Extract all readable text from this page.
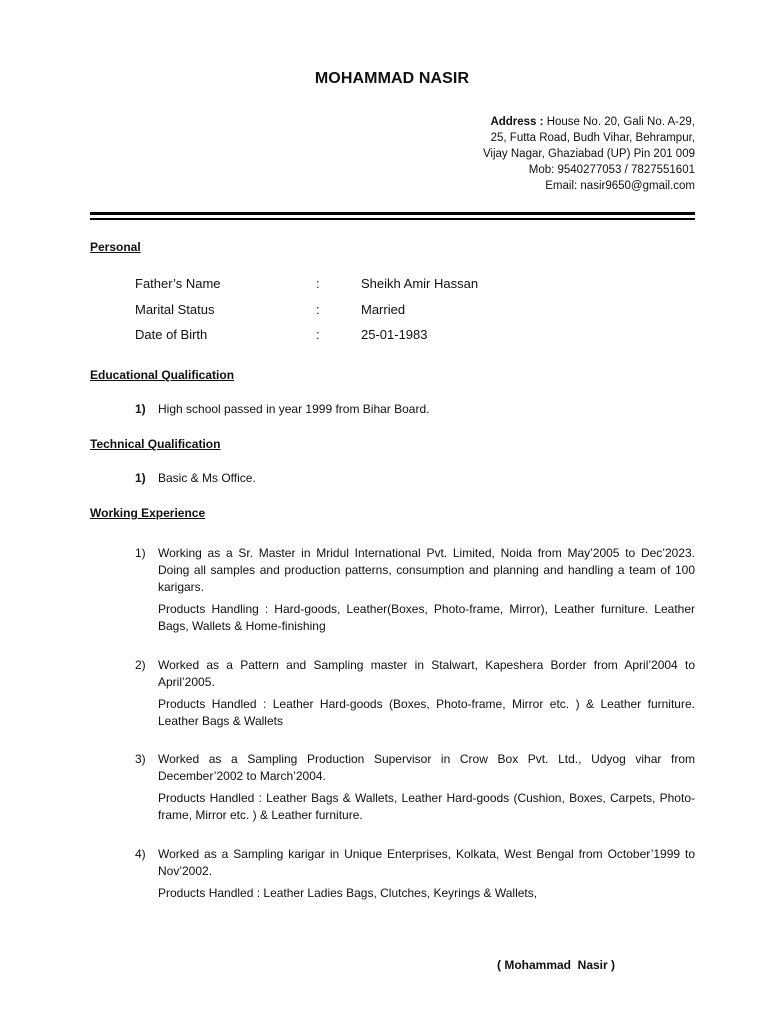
MOHAMMAD NASIR
Address : House No. 20, Gali No. A-29,
25, Futta Road, Budh Vihar, Behrampur,
Vijay Nagar, Ghaziabad (UP) Pin 201 009
Mob: 9540277053 / 7827551601
Email: nasir9650@gmail.com
Personal
Father’s Name	:	Sheikh Amir Hassan
Marital Status	:	Married
Date of Birth	:	25-01-1983
Educational Qualification
1) High school passed in year 1999 from Bihar Board.
Technical Qualification
1) Basic & Ms Office.
Working Experience
1) Working as a Sr. Master in Mridul International Pvt. Limited, Noida from May’2005 to Dec’2023. Doing all samples and production patterns, consumption and planning and handling a team of 100 karigars.

Products Handling : Hard-goods, Leather(Boxes, Photo-frame, Mirror), Leather furniture. Leather Bags, Wallets & Home-finishing

2) Worked as a Pattern and Sampling master in Stalwart, Kapeshera Border from April’2004 to April’2005.

Products Handled : Leather Hard-goods (Boxes, Photo-frame, Mirror etc. ) & Leather furniture. Leather Bags & Wallets

3) Worked as a Sampling Production Supervisor in Crow Box Pvt. Ltd., Udyog vihar from December’2002 to March’2004.

Products Handled : Leather Bags & Wallets, Leather Hard-goods (Cushion, Boxes, Carpets, Photo-frame, Mirror etc. ) & Leather furniture.

4) Worked as a Sampling karigar in Unique Enterprises, Kolkata, West Bengal from October’1999 to Nov’2002.

Products Handled : Leather Ladies Bags, Clutches, Keyrings & Wallets,

( Mohammad  Nasir )
